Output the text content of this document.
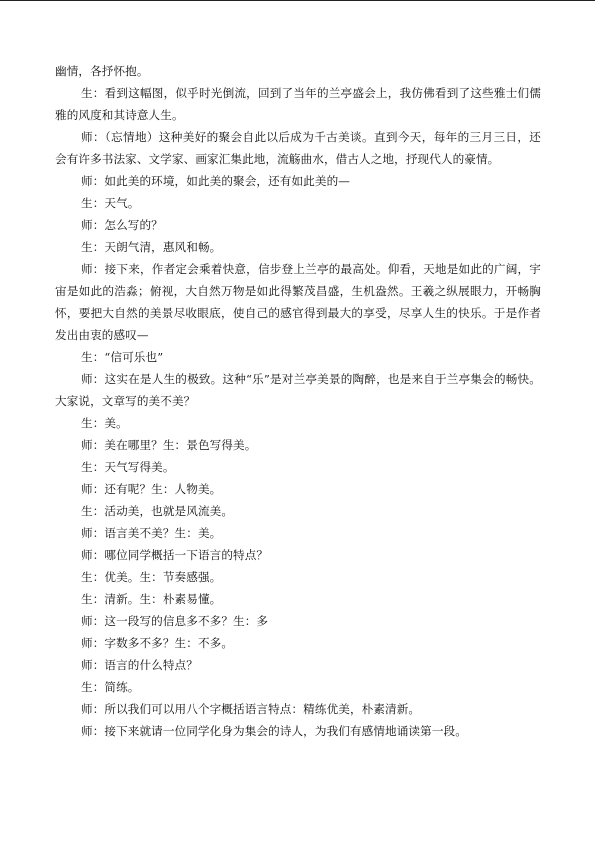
幽情，各抒怀抱。

生：看到这幅图，似乎时光倒流，回到了当年的兰亭盛会上，我仿佛看到了这些雅士们儒雅的风度和其诗意人生。

师：（忘情地）这种美好的聚会自此以后成为千古美谈。直到今天，每年的三月三日，还会有许多书法家、文学家、画家汇集此地，流觞曲水，借古人之地，抒现代人的豪情。

师：如此美的环境，如此美的聚会，还有如此美的—

生：天气。

师：怎么写的？

生：天朗气清，惠风和畅。

师：接下来，作者定会乘着快意，信步登上兰亭的最高处。仰看，天地是如此的广阔，宇宙是如此的浩淼；俯视，大自然万物是如此得繁茂昌盛，生机盎然。王羲之纵展眼力，开畅胸怀，要把大自然的美景尽收眼底，使自己的感官得到最大的享受，尽享人生的快乐。于是作者发出由衷的感叹—

生：“信可乐也”

师：这实在是人生的极致。这种“乐”是对兰亭美景的陶醉，也是来自于兰亭集会的畅快。大家说，文章写的美不美？

生：美。

师：美在哪里？生：景色写得美。

生：天气写得美。

师：还有呢？生：人物美。

生：活动美，也就是风流美。

师：语言美不美？生：美。

师：哪位同学概括一下语言的特点？

生：优美。生：节奏感强。

生：清新。生：朴素易懂。

师：这一段写的信息多不多？生：多

师：字数多不多？生：不多。

师：语言的什么特点？

生：简练。

师：所以我们可以用八个字概括语言特点：精练优美，朴素清新。

师：接下来就请一位同学化身为集会的诗人，为我们有感情地诵读第一段。
